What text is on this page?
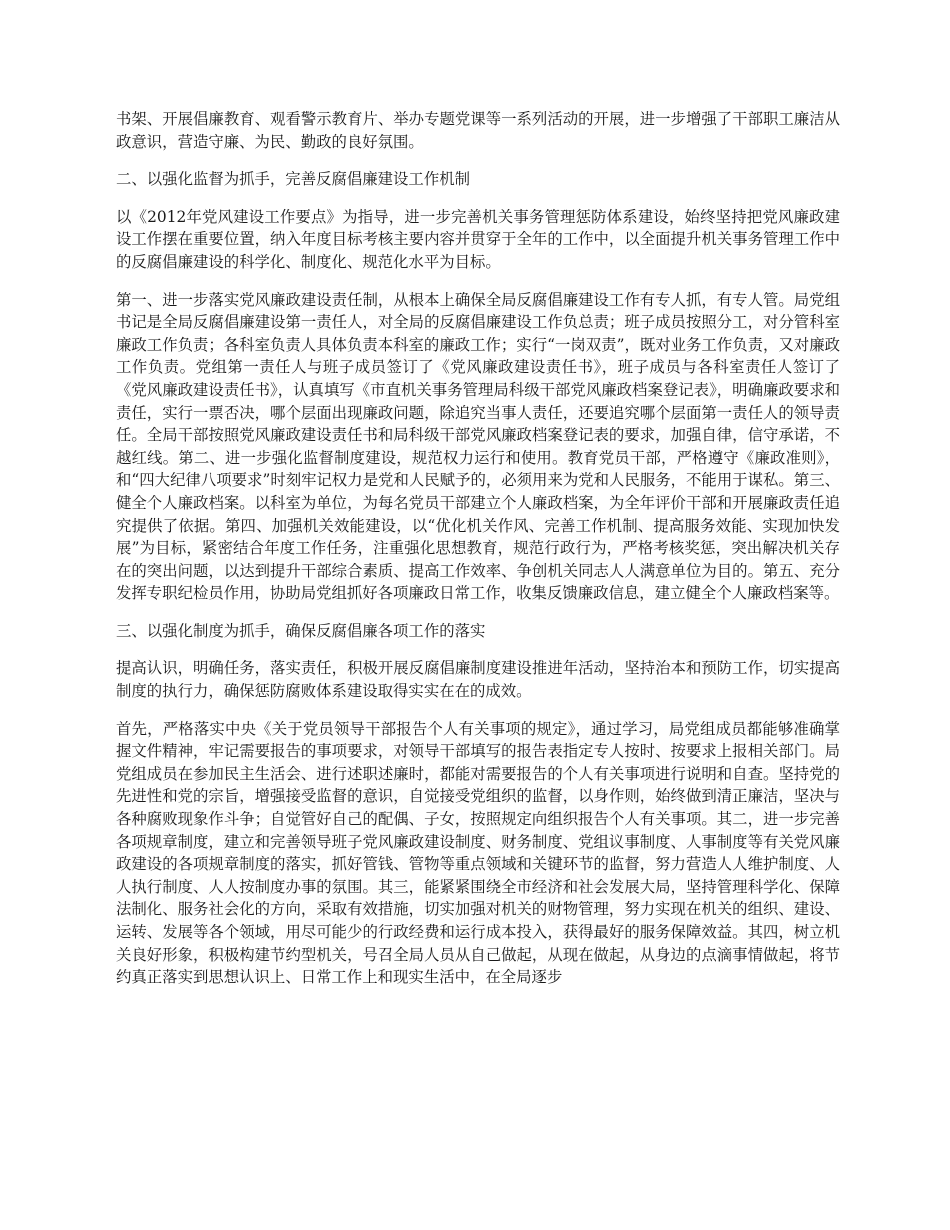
书架、开展倡廉教育、观看警示教育片、举办专题党课等一系列活动的开展，进一步增强了干部职工廉洁从政意识，营造守廉、为民、勤政的良好氛围。

二、以强化监督为抓手，完善反腐倡廉建设工作机制

以《2012年党风建设工作要点》为指导，进一步完善机关事务管理惩防体系建设，始终坚持把党风廉政建设工作摆在重要位置，纳入年度目标考核主要内容并贯穿于全年的工作中，以全面提升机关事务管理工作中的反腐倡廉建设的科学化、制度化、规范化水平为目标。

第一、进一步落实党风廉政建设责任制，从根本上确保全局反腐倡廉建设工作有专人抓，有专人管。局党组书记是全局反腐倡廉建设第一责任人，对全局的反腐倡廉建设工作负总责；班子成员按照分工，对分管科室廉政工作负责；各科室负责人具体负责本科室的廉政工作；实行“一岗双责”，既对业务工作负责，又对廉政工作负责。党组第一责任人与班子成员签订了《党风廉政建设责任书》，班子成员与各科室责任人签订了《党风廉政建设责任书》，认真填写《市直机关事务管理局科级干部党风廉政档案登记表》，明确廉政要求和责任，实行一票否决，哪个层面出现廉政问题，除追究当事人责任，还要追究哪个层面第一责任人的领导责任。全局干部按照党风廉政建设责任书和局科级干部党风廉政档案登记表的要求，加强自律，信守承诺，不越红线。第二、进一步强化监督制度建设，规范权力运行和使用。教育党员干部，严格遵守《廉政准则》，和“四大纪律八项要求”时刻牢记权力是党和人民赋予的，必须用来为党和人民服务，不能用于谋私。第三、健全个人廉政档案。以科室为单位，为每名党员干部建立个人廉政档案，为全年评价干部和开展廉政责任追究提供了依据。第四、加强机关效能建设，以“优化机关作风、完善工作机制、提高服务效能、实现加快发展”为目标，紧密结合年度工作任务，注重强化思想教育，规范行政行为，严格考核奖惩，突出解决机关存在的突出问题，以达到提升干部综合素质、提高工作效率、争创机关同志人人满意单位为目的。第五、充分发挥专职纪检员作用，协助局党组抓好各项廉政日常工作，收集反馈廉政信息，建立健全个人廉政档案等。

三、以强化制度为抓手，确保反腐倡廉各项工作的落实

提高认识，明确任务，落实责任，积极开展反腐倡廉制度建设推进年活动，坚持治本和预防工作，切实提高制度的执行力，确保惩防腐败体系建设取得实实在在的成效。

首先，严格落实中央《关于党员领导干部报告个人有关事项的规定》，通过学习，局党组成员都能够准确掌握文件精神，牢记需要报告的事项要求，对领导干部填写的报告表指定专人按时、按要求上报相关部门。局党组成员在参加民主生活会、进行述职述廉时，都能对需要报告的个人有关事项进行说明和自查。坚持党的先进性和党的宗旨，增强接受监督的意识，自觉接受党组织的监督，以身作则，始终做到清正廉洁，坚决与各种腐败现象作斗争；自觉管好自己的配偶、子女，按照规定向组织报告个人有关事项。其二，进一步完善各项规章制度，建立和完善领导班子党风廉政建设制度、财务制度、党组议事制度、人事制度等有关党风廉政建设的各项规章制度的落实，抓好管钱、管物等重点领域和关键环节的监督，努力营造人人维护制度、人人执行制度、人人按制度办事的氛围。其三，能紧紧围绕全市经济和社会发展大局，坚持管理科学化、保障法制化、服务社会化的方向，采取有效措施，切实加强对机关的财物管理，努力实现在机关的组织、建设、运转、发展等各个领域，用尽可能少的行政经费和运行成本投入，获得最好的服务保障效益。其四，树立机关良好形象，积极构建节约型机关，号召全局人员从自己做起，从现在做起，从身边的点滴事情做起，将节约真正落实到思想认识上、日常工作上和现实生活中，在全局逐步
